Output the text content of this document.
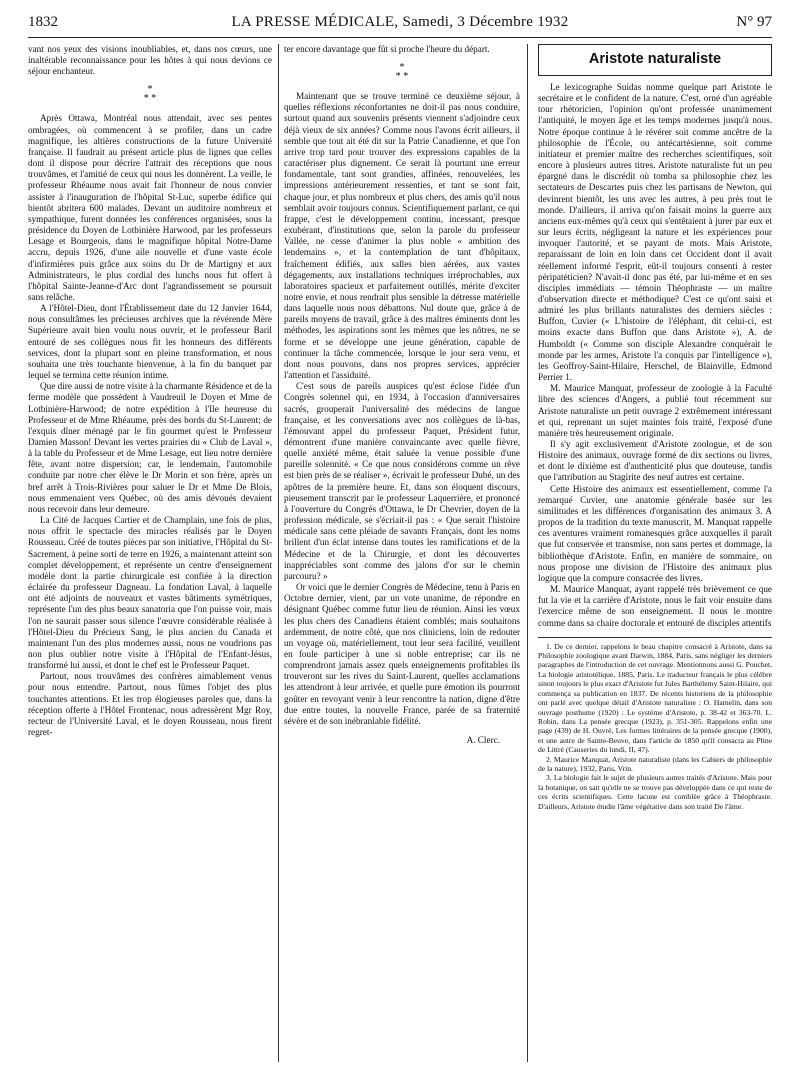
1832	LA PRESSE MÉDICALE, Samedi, 3 Décembre 1932	N° 97

vant nos yeux des visions inoubliables, et, dans nos cœurs, une inaltérable reconnaissance pour les hôtes à qui nous devions ce séjour enchanteur.

*
* *

Après Ottawa, Montréal nous attendait, avec ses pentes ombragées, où commencent à se profiler, dans un cadre magnifique, les altières constructions de la future Université française. Il faudrait au présent article plus de lignes que celles dont il dispose pour décrire l'attrait des réceptions que nous trouvâmes, et l'amitié de ceux qui nous les donnèrent. La veille, le professeur Rhéaume nous avait fait l'honneur de nous convier assister à l'inauguration de l'hôpital St-Luc, superbe édifice qui bientôt abritera 600 malades. Devant un auditoire nombreux et sympathique, furent données les conférences organisées, sous la présidence du Doyen de Lotbinière Harwood, par les professeurs Lesage et Bourgeois, dans le magnifique hôpital Notre-Dame accru, depuis 1926, d'une aile nouvelle et d'une vaste école d'infirmières puis grâce aux soins du Dr de Martigny et aux Administrateurs, le plus cordial des lunchs nous fut offert à l'hôpital Sainte-Jeanne-d'Arc dont l'agrandissement se poursuit sans relâche.

A l'Hôtel-Dieu, dont l'Établissement date du 12 Janvier 1644, nous consultâmes les précieuses archives que la révérende Mère Supérieure avait bien voulu nous ouvrir, et le professeur Baril entouré de ses collègues nous fit les honneurs des différents services, dont la plupart sont en pleine transformation, et nous souhaita une très touchante bienvenue, à la fin du banquet par lequel se termina cette réunion intime.

Que dire aussi de notre visite à la charmante Résidence et de la ferme modèle que possèdent à Vaudreuil le Doyen et Mme de Lotbinière-Harwood; de notre expédition à l'Ile heureuse du Professeur et de Mme Rhéaume, près des bords du St-Laurent; de l'exquis dîner ménagé par le fin gourmet qu'est le Professeur Damien Masson! Devant les vertes prairies du « Club de Laval », à la table du Professeur et de Mme Lesage, eut lieu notre dernière fête, avant notre dispersion; car, le lendemain, l'automobile conduite par notre cher élève le Dr Morin et son frère, après un bref arrêt à Trois-Rivières pour saluer le Dr et Mme De Blois, nous emmenaient vers Québec, où des amis dévoués devaient nous recevoir dans leur demeure.

La Cité de Jacques Cartier et de Champlain, une fois de plus, nous offrit le spectacle des miracles réalisés par le Doyen Rousseau. Créé de toutes pièces par son initiative, l'Hôpital du St-Sacrement, à peine sorti de terre en 1926, a maintenant atteint son complet développement, et représente un centre d'enseignement modèle dont la partie chirurgicale est confiée à la direction éclairée du professeur Dagneau. La fondation Laval, à laquelle ont été adjoints de nouveaux et vastes bâtiments symétriques, représente l'un des plus beaux sanatoria que l'on puisse voir, mais l'on ne saurait passer sous silence l'œuvre considérable réalisée à l'Hôtel-Dieu du Précieux Sang, le plus ancien du Canada et maintenant l'un des plus modernes aussi, nous ne voudrions pas non plus oublier notre visite à l'Hôpital de l'Enfant-Jésus, transformé lui aussi, et dont le chef est le Professeur Paquet.

Partout, nous trouvâmes des confrères aimablement venus pour nous entendre. Partout, nous fûmes l'objet des plus touchantes attentions. Et les trop élogieuses paroles que, dans la réception offerte à l'Hôtel Frontenac, nous adressèrent Mgr Roy, recteur de l'Université Laval, et le doyen Rousseau, nous firent regret-

ter encore davantage que fût si proche l'heure du départ.

*
* *

Maintenant que se trouve terminé ce deuxième séjour, à quelles réflexions réconfortantes ne doit-il pas nous conduire, surtout quand aux souvenirs présents viennent s'adjoindre ceux déjà vieux de six années? Comme nous l'avons écrit ailleurs, il semble que tout ait été dit sur la Patrie Canadienne, et que l'on arrive trop tard pour trouver des expressions capables de la caractériser plus dignement. Ce serait là pourtant une erreur fondamentale, tant sont grandies, affinées, renouvelées, les impressions antérieurement ressenties, et tant se sont fait, chaque jour, et plus nombreux et plus chers, des amis qu'il nous semblait avoir toujours connus. Scientifiquement parlant, ce qui frappe, c'est le développement continu, incessant, presque exubérant, d'institutions que, selon la parole du professeur Vallée, ne cesse d'animer la plus noble « ambition des lendemains », et la contemplation de tant d'hôpitaux, fraîchement édifiés, aux salles bien aérées, aux vastes dégagements, aux installations techniques irréprochables, aux laboratoires spacieux et parfaitement outillés, mérite d'exciter notre envie, et nous rendrait plus sensible la détresse matérielle dans laquelle nous nous débattons. Nul doute que, grâce à de pareils moyens de travail, grâce à des maîtres éminents dont les méthodes, les aspirations sont les mêmes que les nôtres, ne se forme et se développe une jeune génération, capable de continuer la tâche commencée, lorsque le jour sera venu, et dont nous pouvons, dans nos propres services, apprécier l'attention et l'assiduité.

C'est sous de pareils auspices qu'est éclose l'idée d'un Congrès solennel qui, en 1934, à l'occasion d'anniversaires sacrés, grouperait l'universalité des médecins de langue française, et les conversations avec nos collègues de là-bas, l'émouvant appel du professeur Paquet, Président futur, démontrent d'une manière convaincante avec quelle fièvre, quelle anxiété même, était saluée la venue possible d'une pareille solennité. « Ce que nous considérons comme un rêve est bien près de se réaliser », écrivait le professeur Dubé, un des apôtres de la première heure. Et, dans son éloquent discours, pieusement transcrit par le professeur Laquerrière, et prononcé à l'ouverture du Congrès d'Ottawa, le Dr Chevrier, doyen de la profession médicale, se s'écriait-il pas : « Que serait l'histoire médicale sans cette pléiade de savants Français, dont les noms brillent d'un éclat intense dans toutes les ramifications et de la Médecine et de la Chirurgie, et dont les découvertes inappréciables sont comme des jalons d'or sur le chemin parcouru? »

Or voici que le dernier Congrès de Médecine, tenu à Paris en Octobre dernier, vient, par un vote unanime, de répondre en désignant Québec comme futur lieu de réunion. Ainsi les vœux les plus chers des Canadiens étaient comblés; mais souhaitons ardemment, de notre côté, que nos cliniciens, loin de redouter un voyage où, matériellement, tout leur sera facilité, veuillent en foule participer à une si noble entreprise; car ils ne comprendront jamais assez quels enseignements profitables ils trouveront sur les rives du Saint-Laurent, quelles acclamations les attendront à leur arrivée, et quelle pure émotion ils pourront goûter en revoyant venir à leur rencontre la nation, digne d'être due entre toutes, la nouvelle France, parée de sa fraternité sévère et de son inébranlable fidélité.

A. Clerc.
Aristote naturaliste

Le lexicographe Suidas nomme quelque part Aristote le secrétaire et le confident de la nature. C'est, orné d'un agréable tour rhétoricien, l'opinion qu'ont professée unanimement l'antiquité, le moyen âge et les temps modernes jusqu'à nous. Notre époque continue à le révérer soit comme ancêtre de la philosophie de l'École, ou antécartésienne, soit comme initiateur et premier maître des recherches scientifiques, soit encore à plusieurs autres titres. Aristote naturaliste fut un peu épargné dans le discrédit où tomba sa philosophie chez les sectateurs de Descartes puis chez les partisans de Newton, qui devinrent bientôt, les uns avec les autres, à peu près tout le monde. D'ailleurs, il arriva qu'on faisait moins la guerre aux anciens eux-mêmes qu'à ceux qui s'entêtaient à jurer par eux et sur leurs écrits, négligeant la nature et les expériences pour invoquer l'autorité, et se payant de mots. Mais Aristote, reparaissant de loin en loin dans cet Occident dont il avait réellement informé l'esprit, eût-il toujours consenti à rester péripatéticien? N'avait-il donc pas été, par lui-même et en ses disciples immédiats — témoin Théophraste — un maître d'observation directe et méthodique? C'est ce qu'ont saisi et admiré les plus brillants naturalistes des derniers siècles : Buffon, Cuvier (« L'histoire de l'éléphant, dit celui-ci, est moins exacte dans Buffon que dans Aristote »), A. de Humboldt (« Comme son disciple Alexandre conquérait le monde par les armes, Aristote l'a conquis par l'intelligence »), les Geoffroy-Saint-Hilaire, Herschel, de Blainville, Edmond Perrier 1.

M. Maurice Manquat, professeur de zoologie à la Faculté libre des sciences d'Angers, a publié tout récemment sur Aristote naturaliste un petit ouvrage 2 extrêmement intéressant et qui, reprenant un sujet maintes fois traité, l'exposé d'une manière très heureusement originale.

Il s'y agit exclusivement d'Aristote zoologue, et de son Histoire des animaux, ouvrage formé de dix sections ou livres, et dont le dixième est d'authenticité plus que douteuse, tandis que l'attribution au Stagirite des neuf autres est certaine.

Cette Histoire des animaux est essentiellement, comme l'a remarqué Cuvier, une anatomie générale basée sur les similitudes et les différences d'organisation des animaux 3. A propos de la tradition du texte manuscrit, M. Manquat rappelle ces aventures vraiment romanesques grâce auxquelles il paraît que fut conservée et transmise, non sans pertes et dommage, la bibliothèque d'Aristote. Enfin, en manière de sommaire, on nous propose une division de l'Histoire des animaux plus logique que la compure consacrée des livres.

M. Maurice Manquat, ayant rappelé très brièvement ce que fut la vie et la carrière d'Aristote, nous le fait voir ensuite dans l'exercice même de son enseignement. Il nous le montre comme dans sa chaire doctorale et entouré de disciples attentifs

1. De ce dernier, rappelons le beau chapitre consacré à Aristote, dans sa Philosophie zoologique avant Darwin, 1884, Paris, sans négliger les derniers paragraphes de l'introduction de cet ouvrage. Mentionnons aussi G. Pouchet, La biologie aristotélique, 1885, Paris. Le traducteur français le plus célèbre sinon toujours le plus exact d'Aristote fut Jules Barthélemy Saint-Hilaire, qui commença sa publication en 1837. De récents historiens de la philosophie ont parlé avec quelque détail d'Aristote naturaliste : O. Hamelin, dans son ouvrage posthume (1920) : Le système d'Aristote, p. 38-42 et 363-70. L. Robin, dans La pensée grecque (1923), p. 351-305. Rappelons enfin une page (439) de H. Ouvré, Les formes littéraires de la pensée grecque (1900), et une autre de Sainte-Beuve, dans l'article de 1850 qu'il consacra au Pline de Littré (Causeries du lundi, II, 47).

2. Maurice Manquat, Aristote naturaliste (dans les Cahiers de philosophie de la nature), 1932, Paris, Vrin.

3. La biologie fait le sujet de plusieurs autres traités d'Aristote. Mais pour la botanique, on sait qu'elle ne se trouve pas développée dans ce qui reste de ces écrits scientifiques. Cette lacune est comblée grâce à Théophraste. D'ailleurs, Aristote étudie l'âme végétative dans son traité De l'âme.
